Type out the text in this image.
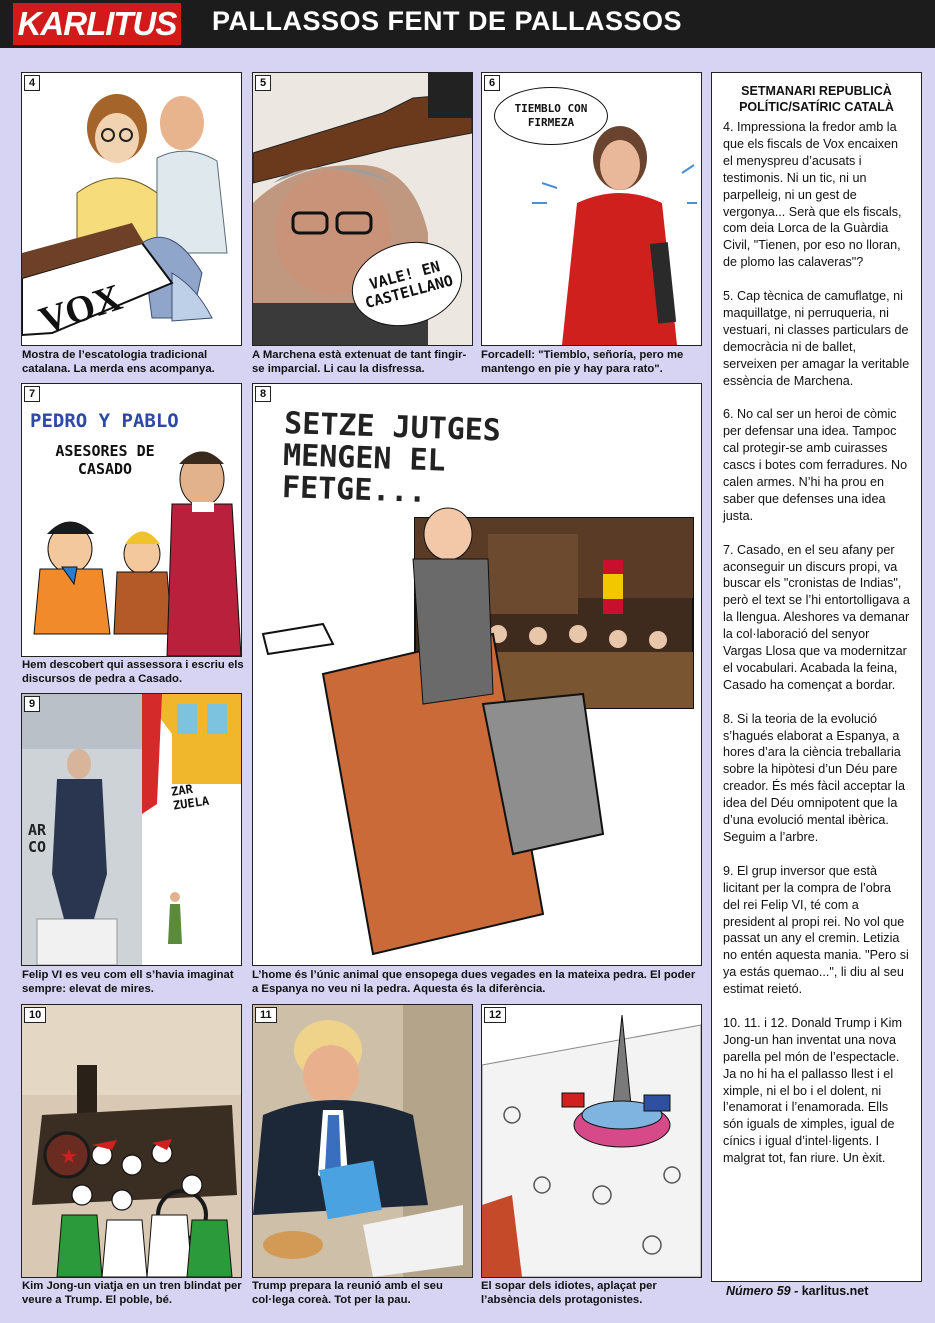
KARLITUS PALLASSOS FENT DE PALLASSOS
4
VOX
Mostra de l’escatologia tradicional catalana. La merda ens acompanya.
5
VALE! EN CASTELLANO
A Marchena està extenuat de tant fingir-se imparcial. Li cau la disfressa.
6
TIEMBLO CON FIRMEZA
Forcadell: "Tiemblo, señoría, pero me mantengo en pie y hay para rato".
7
PEDRO Y PABLO
ASESORES DE CASADO
Hem descobert qui assessora i escriu els discursos de pedra a Casado.
8
SETZE JUTGES MENGEN EL FETGE...
L’home és l’únic animal que ensopega dues vegades en la mateixa pedra. El poder a Espanya no veu ni la pedra. Aquesta és la diferència.
9
AR CO
ZAR ZUELA
Felip VI es veu com ell s’havia imaginat sempre: elevat de mires.
10
★
Kim Jong-un viatja en un tren blindat per veure a Trump. El poble, bé.
11
Trump prepara la reunió amb el seu col·lega coreà. Tot per la pau.
12
El sopar dels idiotes, aplaçat per l’absència dels protagonistes.
SETMANARI REPUBLICÀ
POLÍTIC/SATÍRIC CATALÀ

4. Impressiona la fredor amb la que els fiscals de Vox encaixen el menyspreu d’acusats i testimonis. Ni un tic, ni un parpelleig, ni un gest de vergonya... Serà que els fiscals, com deia Lorca de la Guàrdia Civil, "Tienen, por eso no lloran, de plomo las calaveras"?

5. Cap tècnica de camuflatge, ni maquillatge, ni perruqueria, ni vestuari, ni classes particulars de democràcia ni de ballet, serveixen per amagar la veritable essència de Marchena.

6. No cal ser un heroi de còmic per defensar una idea. Tampoc cal protegir-se amb cuirasses cascs i botes com ferradures. No calen armes. N’hi ha prou en saber que defenses una idea justa.

7. Casado, en el seu afany per aconseguir un discurs propi, va buscar els "cronistas de Indias", però el text se l’hi entortolligava a la llengua. Aleshores va demanar la col·laboració del senyor Vargas Llosa que va modernitzar el vocabulari. Acabada la feina, Casado ha començat a bordar.

8. Si la teoria de la evolució s’hagués elaborat a Espanya, a hores d’ara la ciència treballaria sobre la hipòtesi d’un Déu pare creador. És més fàcil acceptar la idea del Déu omnipotent que la d’una evolució mental ibèrica. Seguim a l’arbre.

9. El grup inversor que està licitant per la compra de l’obra del rei Felip VI, té com a president al propi rei. No vol que passat un any el cremin. Letizia no entén aquesta mania. "Pero si ya estás quemao...", li diu al seu estimat reietó.

10. 11. i 12. Donald Trump i Kim Jong-un han inventat una nova parella pel món de l’espectacle. Ja no hi ha el pallasso llest i el ximple, ni el bo i el dolent, ni l’enamorat i l’enamorada. Ells són iguals de ximples, igual de cínics i igual d’intel·ligents. I malgrat tot, fan riure. Un èxit.

Número 59 - karlitus.net
